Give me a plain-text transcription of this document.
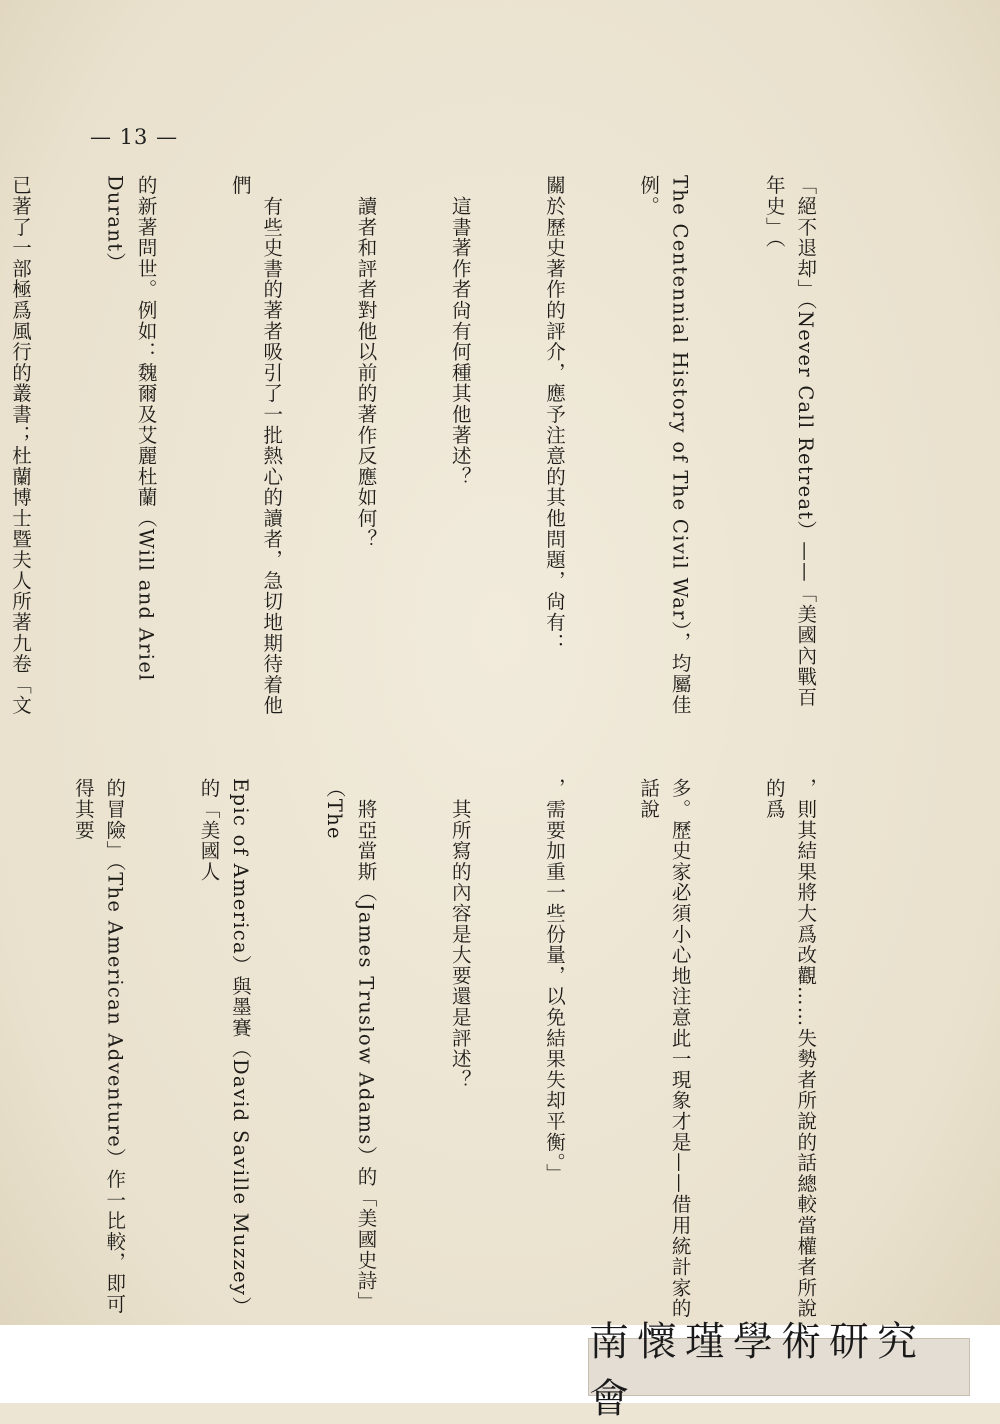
— 13 —

「絕不退却」（Never Call Retreat）——「美國內戰百年史」（

The Centennial History of The Civil War），均屬佳例。

關於歷史著作的評介，應予注意的其他問題，尙有：

　這書著作者尙有何種其他著述？

　讀者和評者對他以前的著作反應如何？

　有些史書的著者吸引了一批熱心的讀者，急切地期待着他們

的新著問世。例如：魏爾及艾麗杜蘭（Will and Ariel Durant）

已著了一部極爲風行的叢書；杜蘭博士暨夫人所著九卷「文

，則其結果將大爲改觀……失勢者所說的話總較當權者所說的爲

多。歷史家必須小心地注意此一現象才是——借用統計家的話說

，需要加重一些份量，以免結果失却平衡。」

　其所寫的內容是大要還是評述？

　將亞當斯（James Truslow Adams）的「美國史詩」（The

Epic of America）與墨賽（David Saville Muzzey）的「美國人

的冒險」（The American Adventure）作一比較，即可得其要

南懷瑾學術研究會
